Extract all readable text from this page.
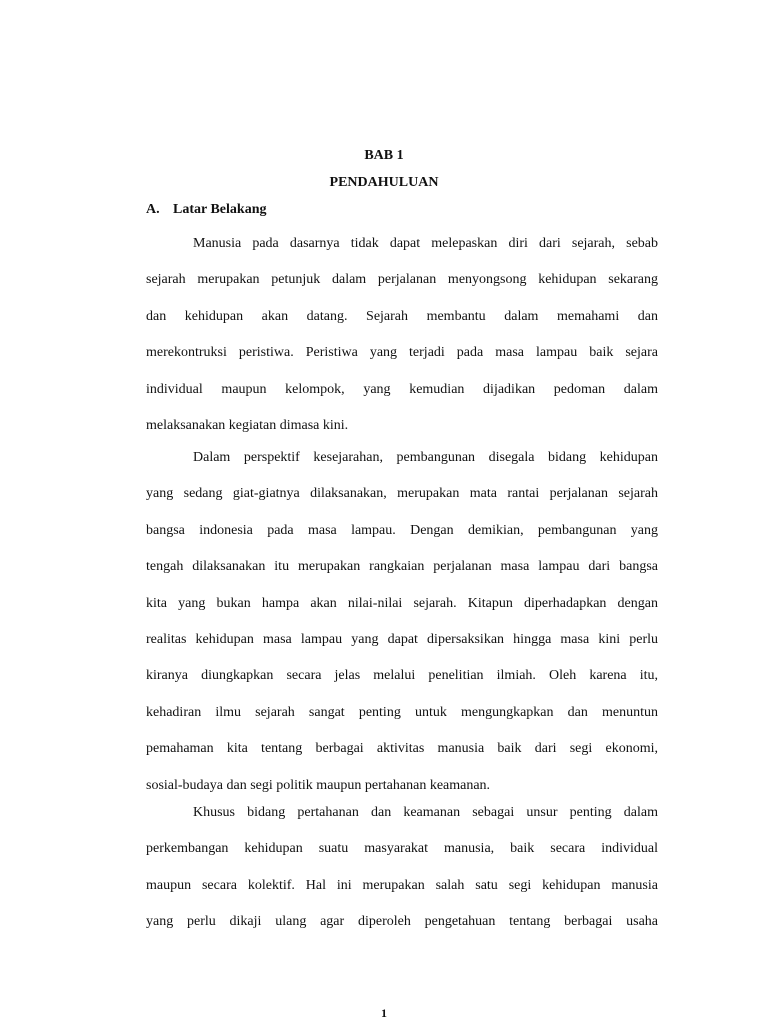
BAB 1
PENDAHULUAN
A. Latar Belakang
Manusia pada dasarnya tidak dapat melepaskan diri dari sejarah, sebab
sejarah merupakan petunjuk dalam perjalanan menyongsong kehidupan sekarang
dan kehidupan akan datang. Sejarah membantu dalam memahami dan
merekontruksi peristiwa. Peristiwa yang terjadi pada masa lampau baik sejara
individual maupun kelompok, yang kemudian dijadikan pedoman dalam
melaksanakan kegiatan dimasa kini.
Dalam perspektif kesejarahan, pembangunan disegala bidang kehidupan
yang sedang giat-giatnya dilaksanakan, merupakan mata rantai perjalanan sejarah
bangsa indonesia pada masa lampau. Dengan demikian, pembangunan yang
tengah dilaksanakan itu merupakan rangkaian perjalanan masa lampau dari bangsa
kita yang bukan hampa akan nilai-nilai sejarah. Kitapun diperhadapkan dengan
realitas kehidupan masa lampau yang dapat dipersaksikan hingga masa kini perlu
kiranya diungkapkan secara jelas melalui penelitian ilmiah. Oleh karena itu,
kehadiran ilmu sejarah sangat penting untuk mengungkapkan dan menuntun
pemahaman kita tentang berbagai aktivitas manusia baik dari segi ekonomi,
sosial-budaya dan segi politik maupun pertahanan keamanan.
Khusus bidang pertahanan dan keamanan sebagai unsur penting dalam
perkembangan kehidupan suatu masyarakat manusia, baik secara individual
maupun secara kolektif. Hal ini merupakan salah satu segi kehidupan manusia
yang perlu dikaji ulang agar diperoleh pengetahuan tentang berbagai usaha
1
